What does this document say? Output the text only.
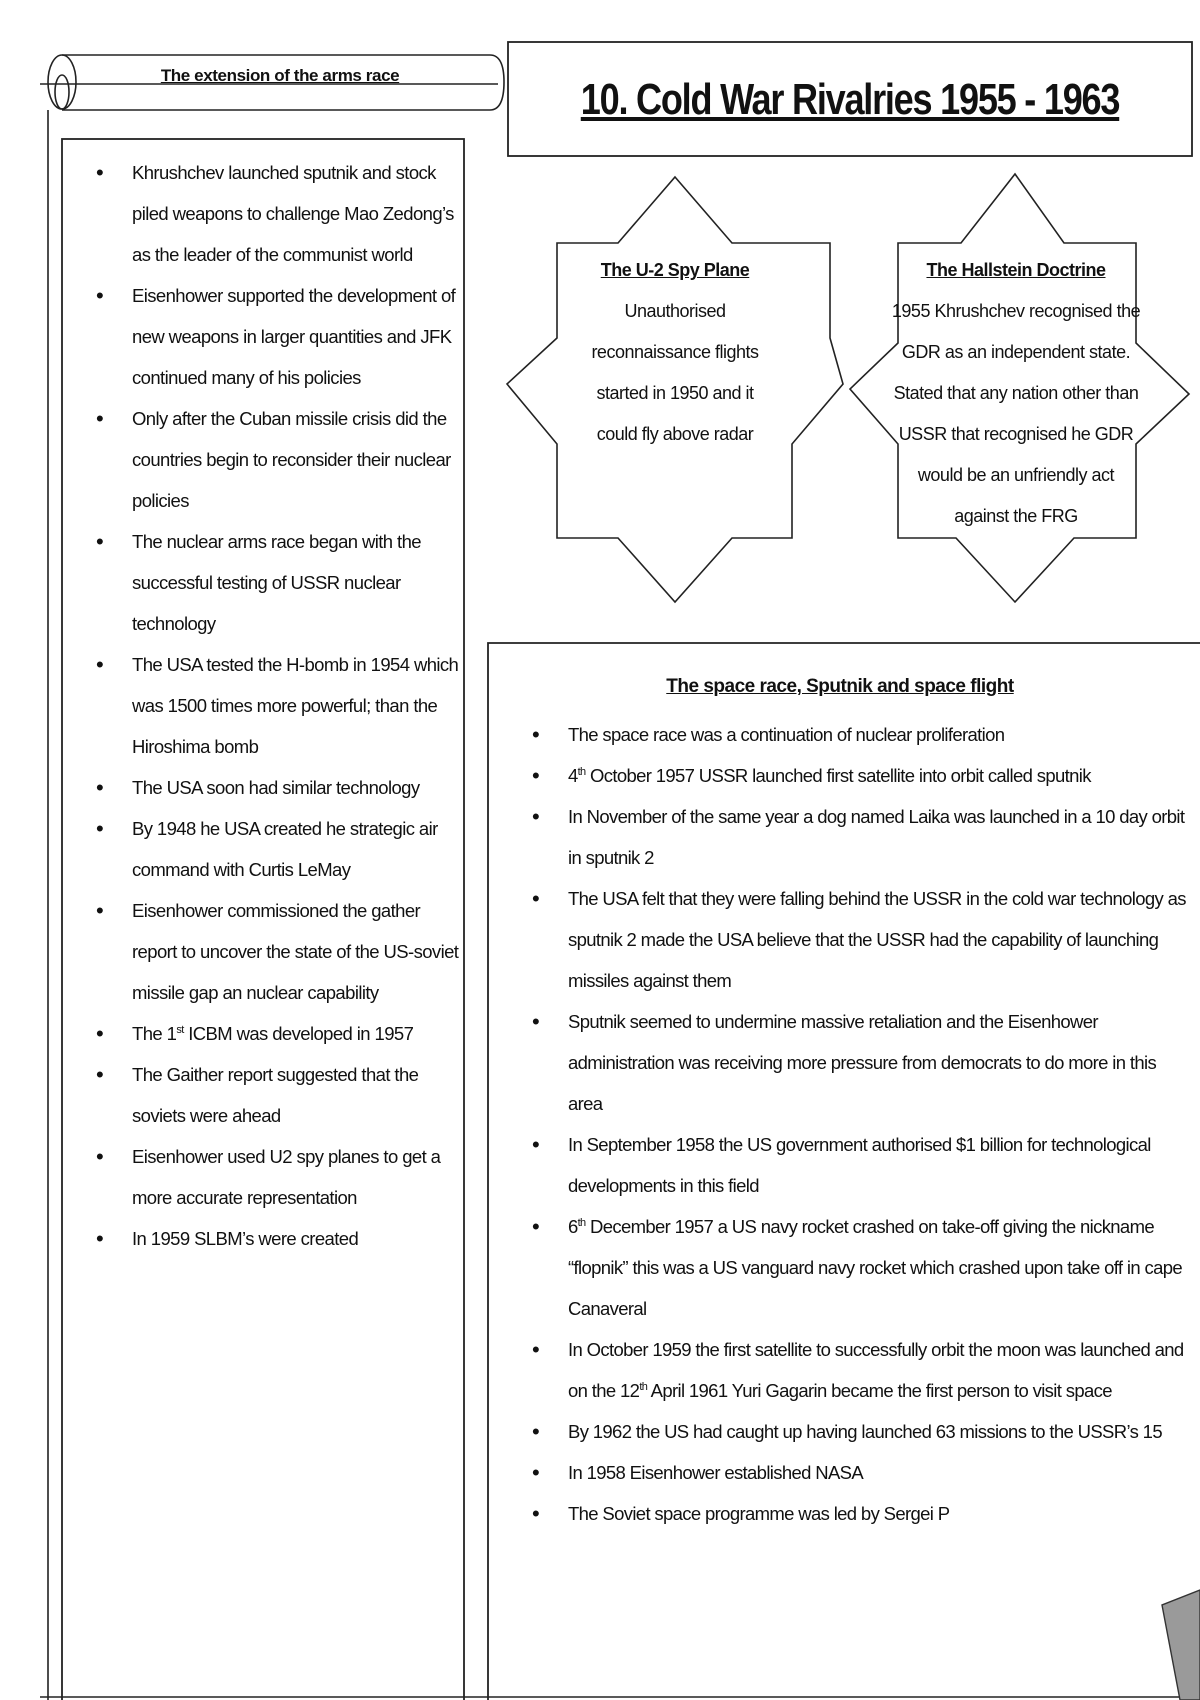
The extension of the arms race	10. Cold War Rivalries 1955 - 1963
• Khrushchev launched sputnik and stock piled weapons to challenge Mao Zedong’s as the leader of the communist world
• Eisenhower supported the development of new weapons in larger quantities and JFK continued many of his policies
• Only after the Cuban missile crisis did the countries begin to reconsider their nuclear policies
• The nuclear arms race began with the successful testing of USSR nuclear technology
• The USA tested the H-bomb in 1954 which was 1500 times more powerful; than the Hiroshima bomb
• The USA soon had similar technology
• By 1948 he USA created he strategic air command with Curtis LeMay
• Eisenhower commissioned the gather report to uncover the state of the US-soviet missile gap an nuclear capability
• The 1st ICBM was developed in 1957
• The Gaither report suggested that the soviets were ahead
• Eisenhower used U2 spy planes to get a more accurate representation
• In 1959 SLBM’s were created
The U-2 Spy Plane
Unauthorised
reconnaissance flights
started in 1950 and it
could fly above radar
The Hallstein Doctrine
1955 Khrushchev recognised the
GDR as an independent state.
Stated that any nation other than
USSR that recognised he GDR
would be an unfriendly act
against the FRG
The space race, Sputnik and space flight
• The space race was a continuation of nuclear proliferation
• 4th October 1957 USSR launched first satellite into orbit called sputnik
• In November of the same year a dog named Laika was launched in a 10 day orbit in sputnik 2
• The USA felt that they were falling behind the USSR in the cold war technology as sputnik 2 made the USA believe that the USSR had the capability of launching missiles against them
• Sputnik seemed to undermine massive retaliation and the Eisenhower administration was receiving more pressure from democrats to do more in this area
• In September 1958 the US government authorised $1 billion for technological developments in this field
• 6th December 1957 a US navy rocket crashed on take-off giving the nickname “flopnik” this was a US vanguard navy rocket which crashed upon take off in cape Canaveral
• In October 1959 the first satellite to successfully orbit the moon was launched and on the 12th April 1961 Yuri Gagarin became the first person to visit space
• By 1962 the US had caught up having launched 63 missions to the USSR’s 15
• In 1958 Eisenhower established NASA
• The Soviet space programme was led by Sergei P
